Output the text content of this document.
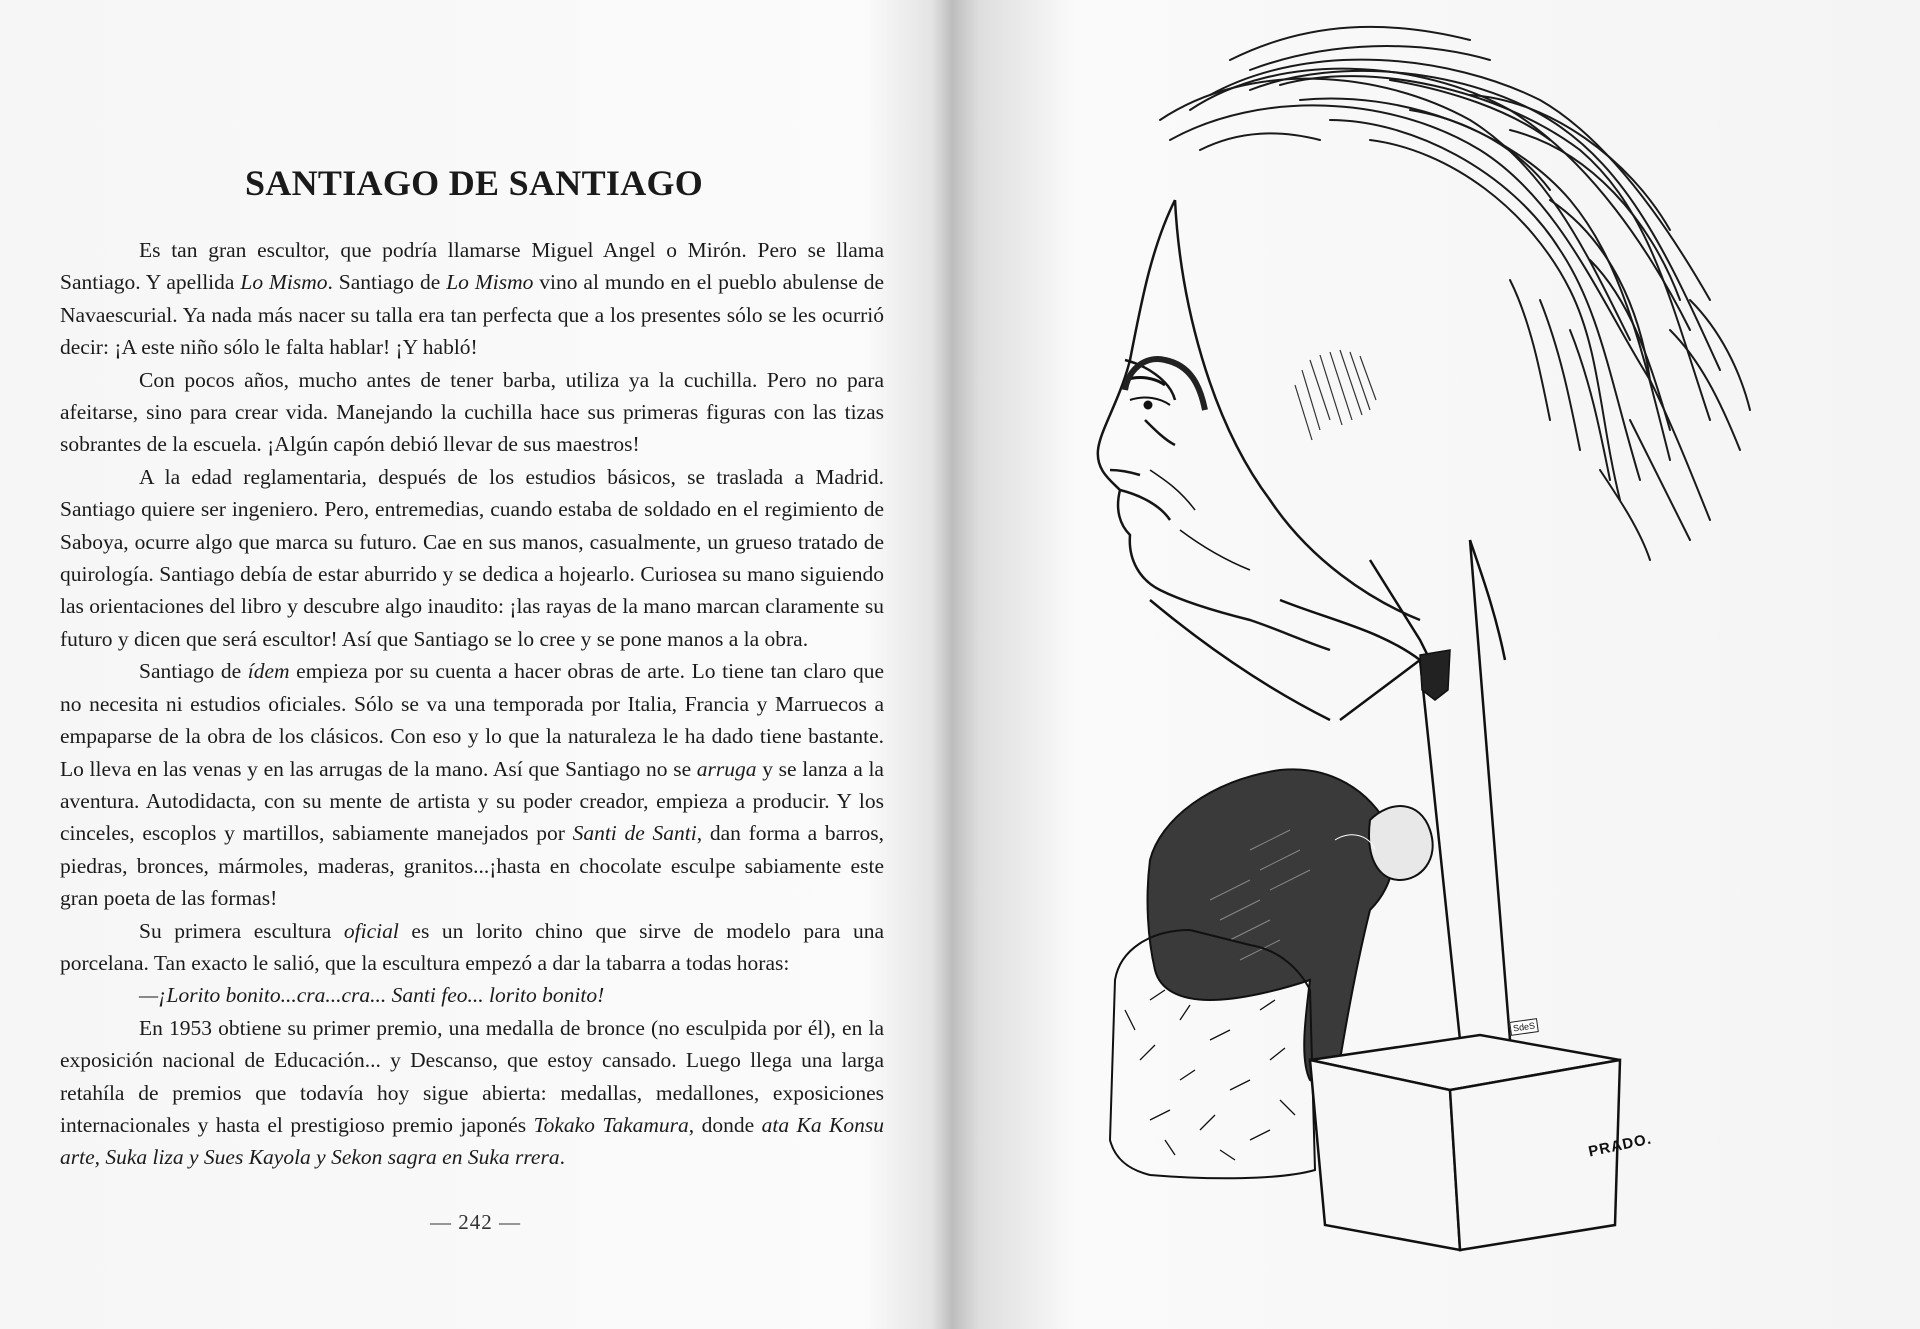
SANTIAGO DE SANTIAGO

Es tan gran escultor, que podría llamarse Miguel Angel o Mirón. Pero se llama Santiago. Y apellida Lo Mismo. Santiago de Lo Mismo vino al mundo en el pueblo abulense de Navaescurial. Ya nada más nacer su talla era tan perfecta que a los presentes sólo se les ocurrió decir: ¡A este niño sólo le falta hablar! ¡Y habló!

Con pocos años, mucho antes de tener barba, utiliza ya la cuchilla. Pero no para afeitarse, sino para crear vida. Manejando la cuchilla hace sus primeras figuras con las tizas sobrantes de la escuela. ¡Algún capón debió llevar de sus maestros!

A la edad reglamentaria, después de los estudios básicos, se traslada a Madrid. Santiago quiere ser ingeniero. Pero, entremedias, cuando estaba de soldado en el regimiento de Saboya, ocurre algo que marca su futuro. Cae en sus manos, casualmente, un grueso tratado de quirología. Santiago debía de estar aburrido y se dedica a hojearlo. Curiosea su mano siguiendo las orientaciones del libro y descubre algo inaudito: ¡las rayas de la mano marcan claramente su futuro y dicen que será escultor! Así que Santiago se lo cree y se pone manos a la obra.

Santiago de ídem empieza por su cuenta a hacer obras de arte. Lo tiene tan claro que no necesita ni estudios oficiales. Sólo se va una temporada por Italia, Francia y Marruecos a empaparse de la obra de los clásicos. Con eso y lo que la naturaleza le ha dado tiene bastante. Lo lleva en las venas y en las arrugas de la mano. Así que Santiago no se arruga y se lanza a la aventura. Autodidacta, con su mente de artista y su poder creador, empieza a producir. Y los cinceles, escoplos y martillos, sabiamente manejados por Santi de Santi, dan forma a barros, piedras, bronces, mármoles, maderas, granitos...¡hasta en chocolate esculpe sabiamente este gran poeta de las formas!

Su primera escultura oficial es un lorito chino que sirve de modelo para una porcelana. Tan exacto le salió, que la escultura empezó a dar la tabarra a todas horas:

—¡Lorito bonito...cra...cra... Santi feo... lorito bonito!

En 1953 obtiene su primer premio, una medalla de bronce (no esculpida por él), en la exposición nacional de Educación... y Descanso, que estoy cansado. Luego llega una larga retahíla de premios que todavía hoy sigue abierta: medallas, medallones, exposiciones internacionales y hasta el prestigioso premio japonés Tokako Takamura, donde ata Ka Konsu arte, Suka liza y Sues Kayola y Sekon sagra en Suka rrera.

— 242 —
SdeS
PRADO.
